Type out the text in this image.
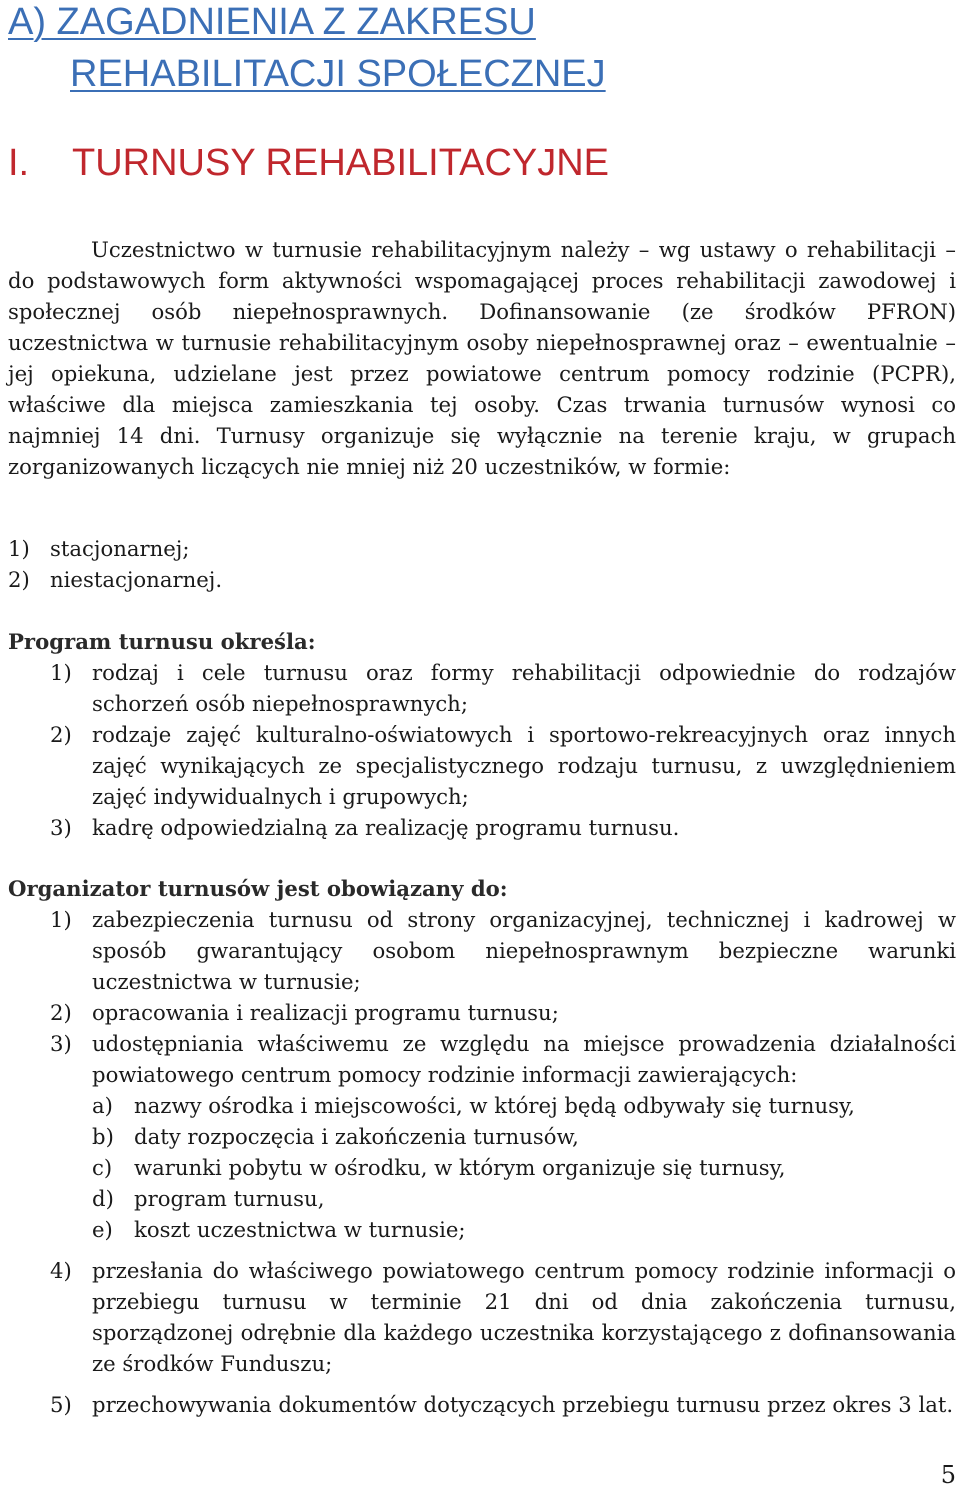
A) ZAGADNIENIA Z ZAKRESU
REHABILITACJI SPOŁECZNEJ
I. TURNUSY REHABILITACYJNE

Uczestnictwo w turnusie rehabilitacyjnym należy – wg ustawy o rehabilitacji – do podstawowych form aktywności wspomagającej proces rehabilitacji zawodowej i społecznej osób niepełnosprawnych. Dofinansowanie (ze środków PFRON) uczestnictwa w turnusie rehabilitacyjnym osoby niepełnosprawnej oraz – ewentualnie – jej opiekuna, udzielane jest przez powiatowe centrum pomocy rodzinie (PCPR), właściwe dla miejsca zamieszkania tej osoby. Czas trwania turnusów wynosi co najmniej 14 dni. Turnusy organizuje się wyłącznie na terenie kraju, w grupach zorganizowanych liczących nie mniej niż 20 uczestników, w formie:

1) stacjonarnej;
2) niestacjonarnej.

Program turnusu określa:

1) rodzaj i cele turnusu oraz formy rehabilitacji odpowiednie do rodzajów schorzeń osób niepełnosprawnych;
2) rodzaje zajęć kulturalno-oświatowych i sportowo-rekreacyjnych oraz innych zajęć wynikających ze specjalistycznego rodzaju turnusu, z uwzględnieniem zajęć indywidualnych i grupowych;
3) kadrę odpowiedzialną za realizację programu turnusu.

Organizator turnusów jest obowiązany do:

1) zabezpieczenia turnusu od strony organizacyjnej, technicznej i kadrowej w sposób gwarantujący osobom niepełnosprawnym bezpieczne warunki uczestnictwa w turnusie;
2) opracowania i realizacji programu turnusu;
3) udostępniania właściwemu ze względu na miejsce prowadzenia działalności powiatowego centrum pomocy rodzinie informacji zawierających:
a) nazwy ośrodka i miejscowości, w której będą odbywały się turnusy,
b) daty rozpoczęcia i zakończenia turnusów,
c)	warunki pobytu w ośrodku, w którym organizuje się turnusy,
d) program turnusu,
e) koszt uczestnictwa w turnusie;
4) przesłania do właściwego powiatowego centrum pomocy rodzinie informacji o przebiegu turnusu w terminie 21 dni od dnia zakończenia turnusu, sporządzonej odrębnie dla każdego uczestnika korzystającego z dofinansowania ze środków Funduszu;
5) przechowywania dokumentów dotyczących przebiegu turnusu przez okres 3 lat.

5
